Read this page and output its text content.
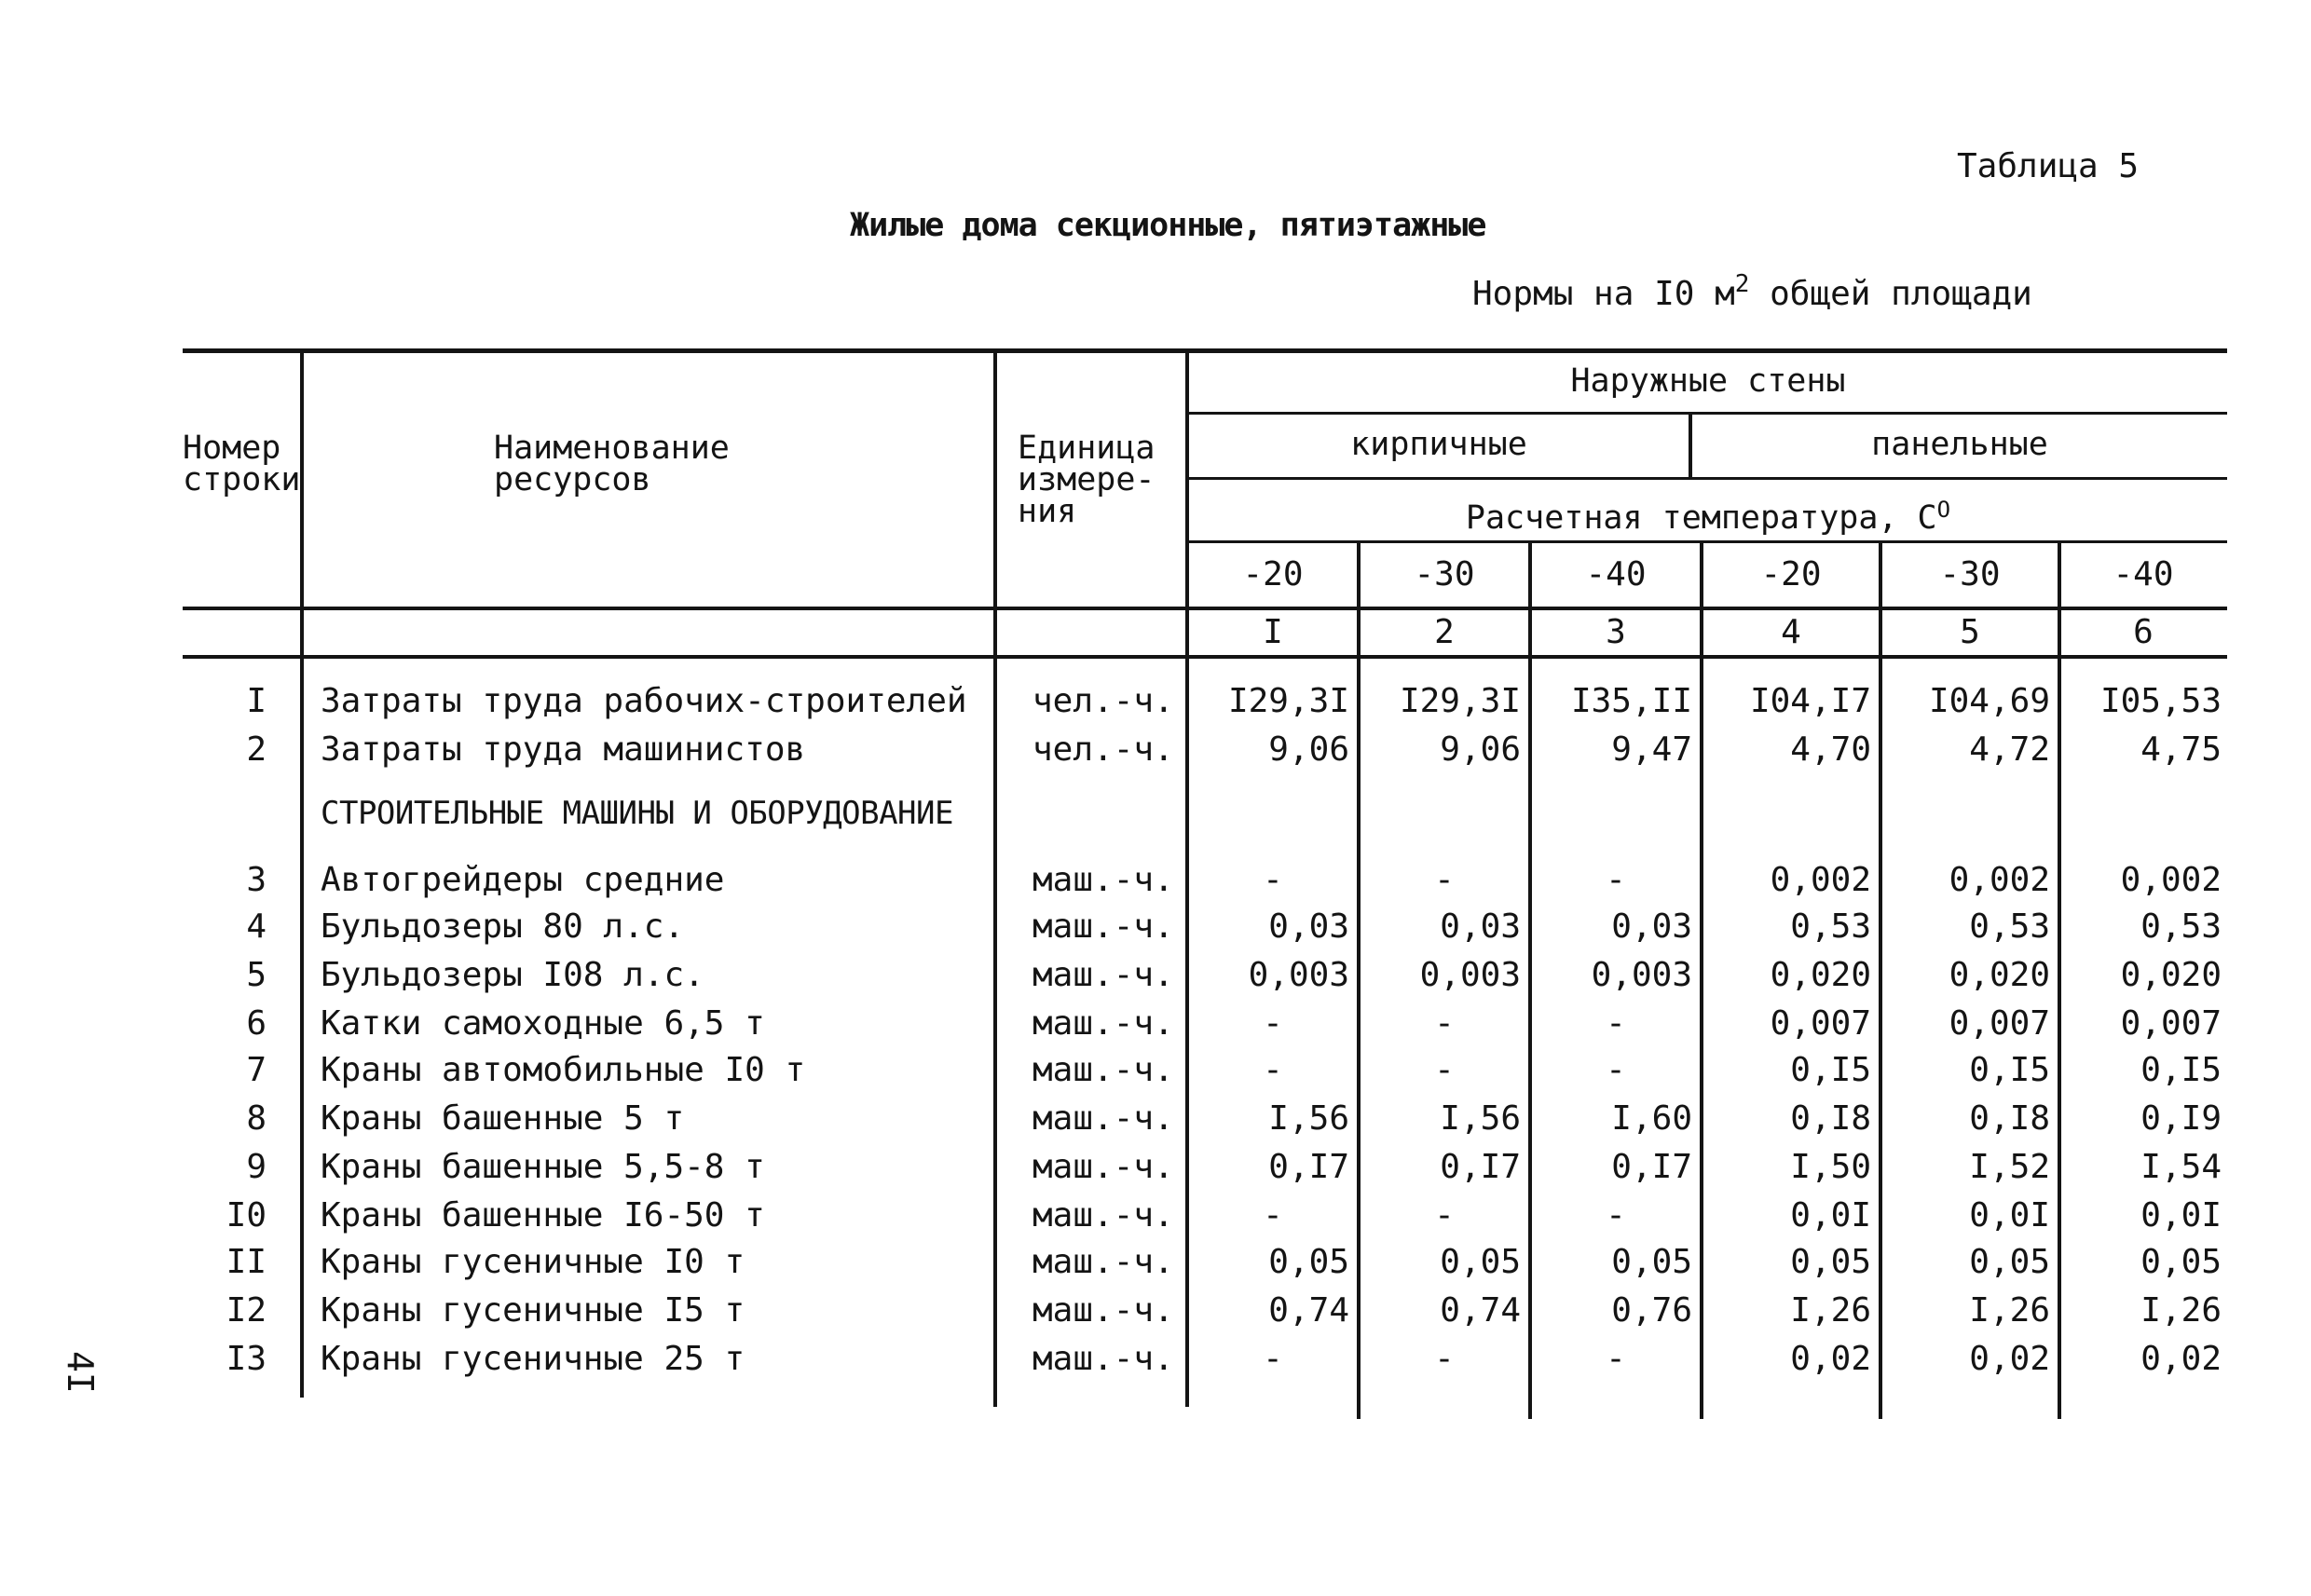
Таблица 5
Жилые дома секционные, пятиэтажные
Нормы на I0 $м^2$ общей площади
Номер
строки
Наименование
ресурсов
Единица
измере-
ния
Наружные стены
кирпичные	панельные
Расчетная температура, $С^О$
-20	-30	-40	-20	-30	-40
I	2	3	4	5	6
I Затраты труда рабочих-строителей чел.-ч.	I29,3I	I29,3I	I35,II	I04,I7	I04,69	I05,53
2 Затраты труда машинистов	чел.-ч.	9,06	9,06	9,47	4,70	4,72	4,75
СТРОИТЕЛЬНЫЕ МАШИНЫ И ОБОРУДОВАНИЕ
3 Автогрейдеры средние	маш.-ч.	-	-	-	0,002	0,002	0,002
4 Бульдозеры 80 л.с.	маш.-ч.	0,03	0,03	0,03	0,53	0,53	0,53
5 Бульдозеры I08 л.с.	маш.-ч.	0,003	0,003	0,003	0,020	0,020	0,020
6 Катки самоходные 6,5 т	маш.-ч.	-	-	-	0,007	0,007	0,007
7 Краны автомобильные I0 т	маш.-ч.	-	-	-	0,I5	0,I5	0,I5
8 Краны башенные 5 т	маш.-ч.	I,56	I,56	I,60	0,I8	0,I8	0,I9
9 Краны башенные 5,5-8 т	маш.-ч.	0,I7	0,I7	0,I7	I,50	I,52	I,54
I0 Краны башенные I6-50 т	маш.-ч.	-	-	-	0,0I	0,0I	0,0I
II Краны гусеничные I0 т	маш.-ч.	0,05	0,05	0,05	0,05	0,05	0,05
I2 Краны гусеничные I5 т	маш.-ч.	0,74	0,74	0,76	I,26	I,26	I,26
I3 Краны гусеничные 25 т	маш.-ч.	-	-	-	0,02	0,02	0,02
4I
